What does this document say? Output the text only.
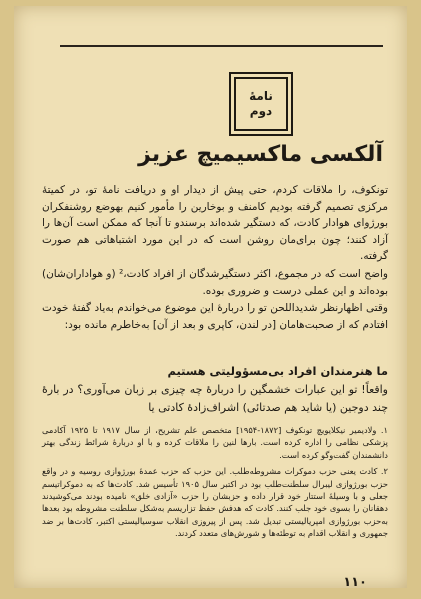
نامهٔ
دوم
آلکسی ماکسیمیچ عزیز

تونکوف، را ملاقات کردم، حتی پیش از دیدار او و دریافت نامهٔ تو، در کمیتهٔ مرکزی تصمیم گرفته بودیم کامنف و بوخارین را مأمور کنیم بهوضع روشنفکران بورژوای هوادار کادت، که دستگیر شده‌اند برسندو تا آنجا که ممکن است آن‌ها را آزاد کنند؛ چون برای‌مان روشن است که در این مورد اشتباهاتی هم صورت گرفته.

واضح است که در مجموع، اکثر دستگیرشدگان از افراد کادت،² (و هواداران‌شان) بوده‌اند و این عملی درست و ضروری بوده.

وقتی اظهارنظر شدیداللحن تو را دربارهٔ این موضوع می‌خواندم به‌یاد گفتهٔ خودت افتادم که از صحبت‌هامان [در لندن، کاپری و بعد از آن] به‌خاطرم مانده بود:

ما هنرمندان افراد بی‌مسؤولیتی هستیم
واقعاً! تو این عبارات خشمگین را دربارهٔ چه چیزی بر زبان می‌آوری؟ در بارهٔ چند دوجین (یا شاید هم صدتائی) اشراف‌زادهٔ کادتی یا

۱. ولادیمیر نیکلایویچ تونکوف [۱۸۷۲-۱۹۵۴] متخصص علم تشریح، از سال ۱۹۱۷ تا ۱۹۲۵ آکادمی پزشکی نظامی را اداره کرده است. بارها لنین را ملاقات کرده و با او دربارهٔ شرائط زندگی بهتر دانشمندان گفت‌وگو کرده است.

۲. کادت یعنی حزب دموکرات مشروطه‌طلب. این حزب که حزب عمدهٔ بورژوازی روسیه و در واقع حزب بورژوازی لیبرال سلطنت‌طلب بود در اکتبر سال ۱۹۰۵ تأسیس شد. کادت‌ها که به دموکراتیسم جعلی و با وسیلهٔ استتار خود قرار داده و حزبشان را حزب «آزادی خلق» نامیده بودند می‌کوشیدند دهقانان را بسوی خود جلب کنند. کادت که هدفش حفظ تزاریسم به‌شکل سلطنت مشروطه بود بعدها به‌حزب بورژوازی امپریالیستی تبدیل شد. پس از پیروزی انقلاب سوسیالیستی اکتبر، کادت‌ها بر ضد جمهوری و انقلاب اقدام به توطئه‌ها و شورش‌های متعدد کردند.

۱۱۰
